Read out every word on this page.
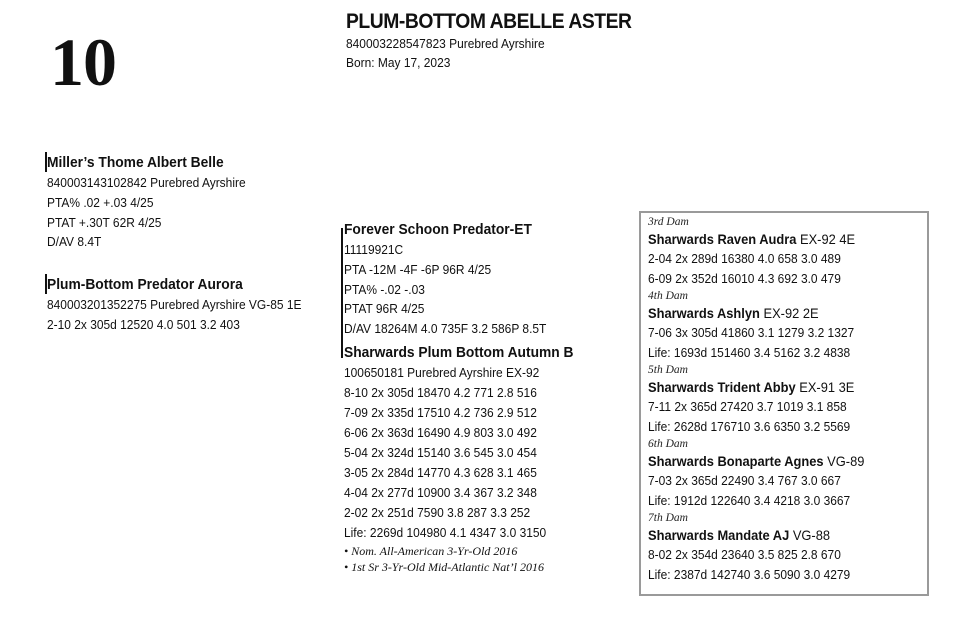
10
PLUM-BOTTOM ABELLE ASTER
840003228547823 Purebred Ayrshire
Born: May 17, 2023
Miller’s Thome Albert Belle
840003143102842 Purebred Ayrshire
PTA% .02 +.03 4/25
PTAT +.30T 62R 4/25
D/AV 8.4T
Plum-Bottom Predator Aurora
840003201352275 Purebred Ayrshire VG-85 1E
2-10 2x 305d 12520 4.0 501 3.2 403
Forever Schoon Predator-ET
11119921C
PTA -12M -4F -6P 96R 4/25
PTA% -.02 -.03
PTAT 96R 4/25
D/AV 18264M 4.0 735F 3.2 586P 8.5T
Sharwards Plum Bottom Autumn B
100650181 Purebred Ayrshire EX-92
8-10 2x 305d 18470 4.2 771 2.8 516
7-09 2x 335d 17510 4.2 736 2.9 512
6-06 2x 363d 16490 4.9 803 3.0 492
5-04 2x 324d 15140 3.6 545 3.0 454
3-05 2x 284d 14770 4.3 628 3.1 465
4-04 2x 277d 10900 3.4 367 3.2 348
2-02 2x 251d 7590 3.8 287 3.3 252
Life: 2269d 104980 4.1 4347 3.0 3150
• Nom. All-American 3-Yr-Old 2016
• 1st Sr 3-Yr-Old Mid-Atlantic Nat’l 2016
3rd Dam
Sharwards Raven Audra EX-92 4E
2-04 2x 289d 16380 4.0 658 3.0 489
6-09 2x 352d 16010 4.3 692 3.0 479
4th Dam
Sharwards Ashlyn EX-92 2E
7-06 3x 305d 41860 3.1 1279 3.2 1327
Life: 1693d 151460 3.4 5162 3.2 4838
5th Dam
Sharwards Trident Abby EX-91 3E
7-11 2x 365d 27420 3.7 1019 3.1 858
Life: 2628d 176710 3.6 6350 3.2 5569
6th Dam
Sharwards Bonaparte Agnes VG-89
7-03 2x 365d 22490 3.4 767 3.0 667
Life: 1912d 122640 3.4 4218 3.0 3667
7th Dam
Sharwards Mandate AJ VG-88
8-02 2x 354d 23640 3.5 825 2.8 670
Life: 2387d 142740 3.6 5090 3.0 4279
